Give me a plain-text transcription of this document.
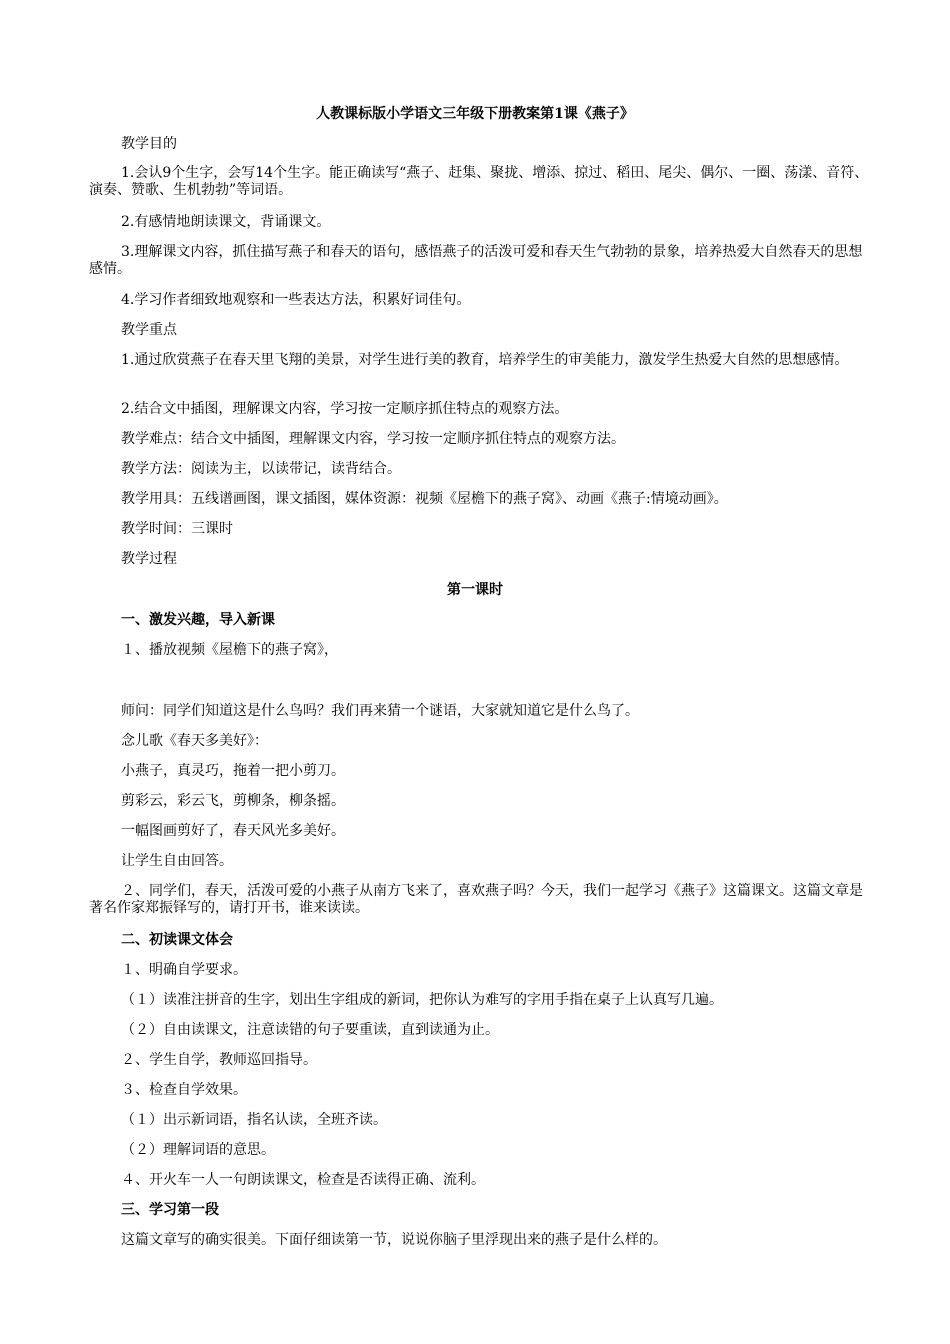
人教课标版小学语文三年级下册教案第1课《燕子》
教学目的
1.会认9个生字，会写14个生字。能正确读写“燕子、赶集、聚拢、增添、掠过、稻田、尾尖、偶尔、一圈、荡漾、音符、演奏、赞歌、生机勃勃”等词语。
2.有感情地朗读课文，背诵课文。
3.理解课文内容，抓住描写燕子和春天的语句，感悟燕子的活泼可爱和春天生气勃勃的景象，培养热爱大自然春天的思想感情。
4.学习作者细致地观察和一些表达方法，积累好词佳句。
教学重点
1.通过欣赏燕子在春天里飞翔的美景，对学生进行美的教育，培养学生的审美能力，激发学生热爱大自然的思想感情。
2.结合文中插图，理解课文内容，学习按一定顺序抓住特点的观察方法。
教学难点：结合文中插图，理解课文内容，学习按一定顺序抓住特点的观察方法。
教学方法：阅读为主，以读带记，读背结合。
教学用具：五线谱画图，课文插图，媒体资源：视频《屋檐下的燕子窝》、动画《燕子:情境动画》。
教学时间：三课时
教学过程
第一课时
一、激发兴趣，导入新课
１、播放视频《屋檐下的燕子窝》，
师问：同学们知道这是什么鸟吗？我们再来猜一个谜语，大家就知道它是什么鸟了。
念儿歌《春天多美好》：
小燕子，真灵巧，拖着一把小剪刀。
剪彩云，彩云飞，剪柳条，柳条摇。
一幅图画剪好了，春天风光多美好。
让学生自由回答。
２、同学们，春天，活泼可爱的小燕子从南方飞来了，喜欢燕子吗？今天，我们一起学习《燕子》这篇课文。这篇文章是著名作家郑振铎写的，请打开书，谁来读读。
二、初读课文体会
１、明确自学要求。
（１）读准注拼音的生字，划出生字组成的新词，把你认为难写的字用手指在桌子上认真写几遍。
（２）自由读课文，注意读错的句子要重读，直到读通为止。
２、学生自学，教师巡回指导。
３、检查自学效果。
（１）出示新词语，指名认读，全班齐读。
（２）理解词语的意思。
４、开火车一人一句朗读课文，检查是否读得正确、流利。
三、学习第一段
这篇文章写的确实很美。下面仔细读第一节，说说你脑子里浮现出来的燕子是什么样的。
